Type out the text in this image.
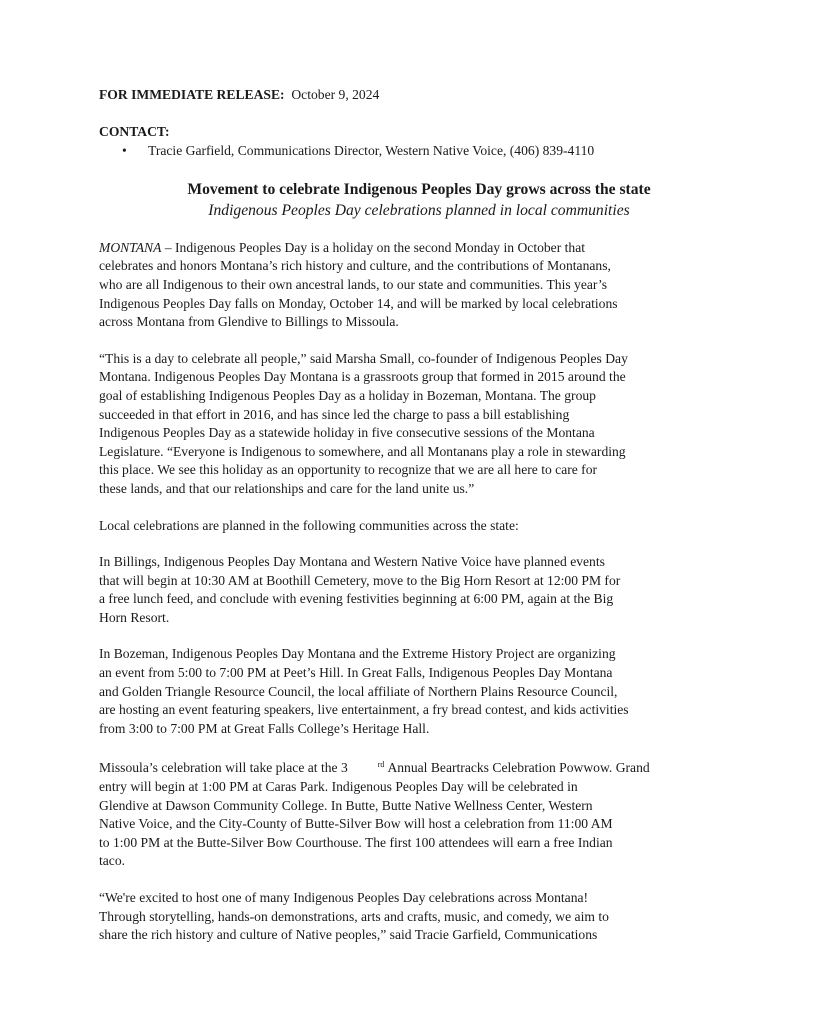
FOR IMMEDIATE RELEASE: October 9, 2024

CONTACT:

• Tracie Garfield, Communications Director, Western Native Voice, (406) 839-4110

Movement to celebrate Indigenous Peoples Day grows across the state

Indigenous Peoples Day celebrations planned in local communities

MONTANA – Indigenous Peoples Day is a holiday on the second Monday in October that
celebrates and honors Montana’s rich history and culture, and the contributions of Montanans,
who are all Indigenous to their own ancestral lands, to our state and communities. This year’s
Indigenous Peoples Day falls on Monday, October 14, and will be marked by local celebrations
across Montana from Glendive to Billings to Missoula.

“This is a day to celebrate all people,” said Marsha Small, co-founder of Indigenous Peoples Day
Montana. Indigenous Peoples Day Montana is a grassroots group that formed in 2015 around the
goal of establishing Indigenous Peoples Day as a holiday in Bozeman, Montana. The group
succeeded in that effort in 2016, and has since led the charge to pass a bill establishing
Indigenous Peoples Day as a statewide holiday in five consecutive sessions of the Montana
Legislature. “Everyone is Indigenous to somewhere, and all Montanans play a role in stewarding
this place. We see this holiday as an opportunity to recognize that we are all here to care for
these lands, and that our relationships and care for the land unite us.”

Local celebrations are planned in the following communities across the state:

In Billings, Indigenous Peoples Day Montana and Western Native Voice have planned events
that will begin at 10:30 AM at Boothill Cemetery, move to the Big Horn Resort at 12:00 PM for
a free lunch feed, and conclude with evening festivities beginning at 6:00 PM, again at the Big
Horn Resort.

In Bozeman, Indigenous Peoples Day Montana and the Extreme History Project are organizing
an event from 5:00 to 7:00 PM at Peet’s Hill. In Great Falls, Indigenous Peoples Day Montana
and Golden Triangle Resource Council, the local affiliate of Northern Plains Resource Council,
are hosting an event featuring speakers, live entertainment, a fry bread contest, and kids activities
from 3:00 to 7:00 PM at Great Falls College’s Heritage Hall.

Missoula’s celebration will take place at the 3	$^{rd}$ Annual Beartracks Celebration Powwow. Grand
entry will begin at 1:00 PM at Caras Park. Indigenous Peoples Day will be celebrated in
Glendive at Dawson Community College. In Butte, Butte Native Wellness Center, Western
Native Voice, and the City-County of Butte-Silver Bow will host a celebration from 11:00 AM
to 1:00 PM at the Butte-Silver Bow Courthouse. The first 100 attendees will earn a free Indian
taco.

“We're excited to host one of many Indigenous Peoples Day celebrations across Montana!
Through storytelling, hands-on demonstrations, arts and crafts, music, and comedy, we aim to
share the rich history and culture of Native peoples,” said Tracie Garfield, Communications
